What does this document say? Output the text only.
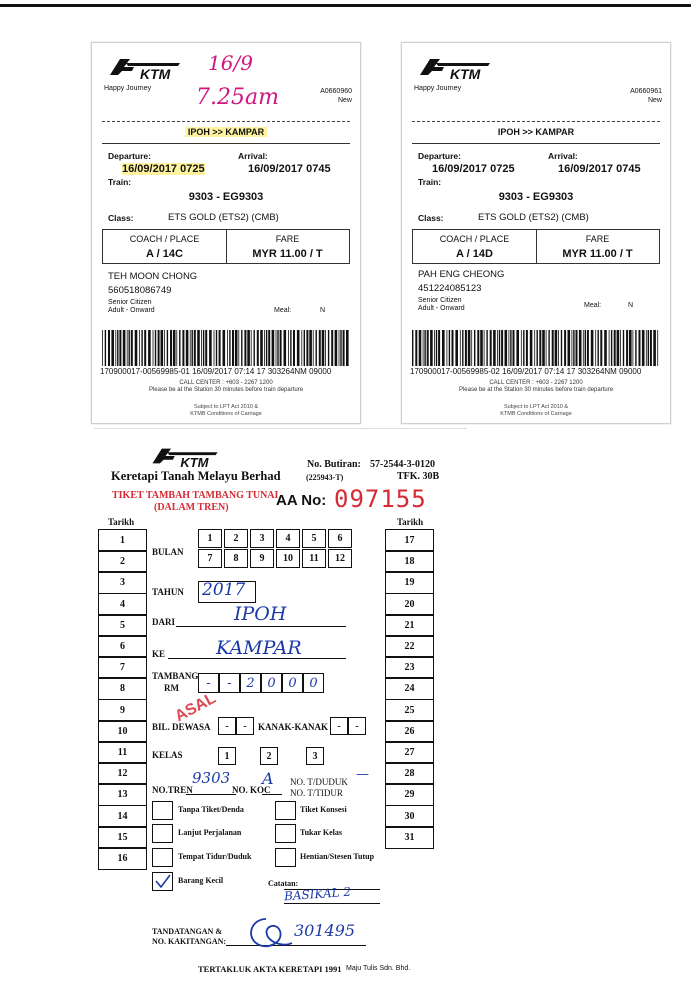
KTM
Happy Journey	A0660960
New
IPOH >> KAMPAR
Departure:	Arrival:
16/09/2017 0725	16/09/2017 0745
Train:
9303 - EG9303
Class:	ETS GOLD (ETS2) (CMB)
COACH / PLACE	FARE
A / 14C	MYR 11.00 / T
TEH MOON CHONG
560518086749
Senior Citizen
Adult - Onward	Meal:	N
170900017-00569985-01 16/09/2017 07:14 17 303264NM 09000
CALL CENTER : +603 - 2267 1200
Please be at the Station 30 minutes before train departure
Subject to LPT Act 2010 &
KTMB Conditions of Carriage
16/9
7.25am
KTM
Happy Journey	A0660961
New
IPOH >> KAMPAR
Departure:	Arrival:
16/09/2017 0725	16/09/2017 0745
Train:
9303 - EG9303
Class:	ETS GOLD (ETS2) (CMB)
COACH / PLACE	FARE
A / 14D	MYR 11.00 / T
PAH ENG CHEONG
451224085123
Senior Citizen
Adult - Onward	Meal:	N
170900017-00569985-02 16/09/2017 07:14 17 303264NM 09000
CALL CENTER : +603 - 2267 1200
Please be at the Station 30 minutes before train departure
Subject to LPT Act 2010 &
KTMB Conditions of Carriage
KTM
Keretapi Tanah Melayu Berhad	(225943-T)
No. Butiran: 57-2544-3-0120
TFK. 30B
TIKET TAMBAH TAMBANG TUNAI
(DALAM TREN)	AA No: 097155
Tarikh	Tarikh
1
2
3
4
5
6
7
8
9
10
11
12
13
14
15
16
17
18
19
20
21
22
23
24
25
26
27
28
29
30
31
BULAN
1 2 3 4 5 6
7 8 9 10 11 12
TAHUN 2017
DARI	IPOH
KE	KAMPAR
TAMBANG
RM - - 2 0 0 0
ASAL
BIL. DEWASA - - KANAK-KANAK - -
KELAS	1	2	3
NO.TREN
9303
NO. KOC
A NO. T/DUDUK —
NO. T/TIDUR
Tanpa Tiket/Denda
Lanjut Perjalanan
Tempat Tidur/Duduk
Barang Kecil
Tiket Konsesi
Tukar Kelas
Hentian/Stesen Tutup
Catatan:
BASIKAL 2
TANDATANGAN &
NO. KAKITANGAN:
301495
TERTAKLUK AKTA KERETAPI 1991 Maju Tulis Sdn. Bhd.
